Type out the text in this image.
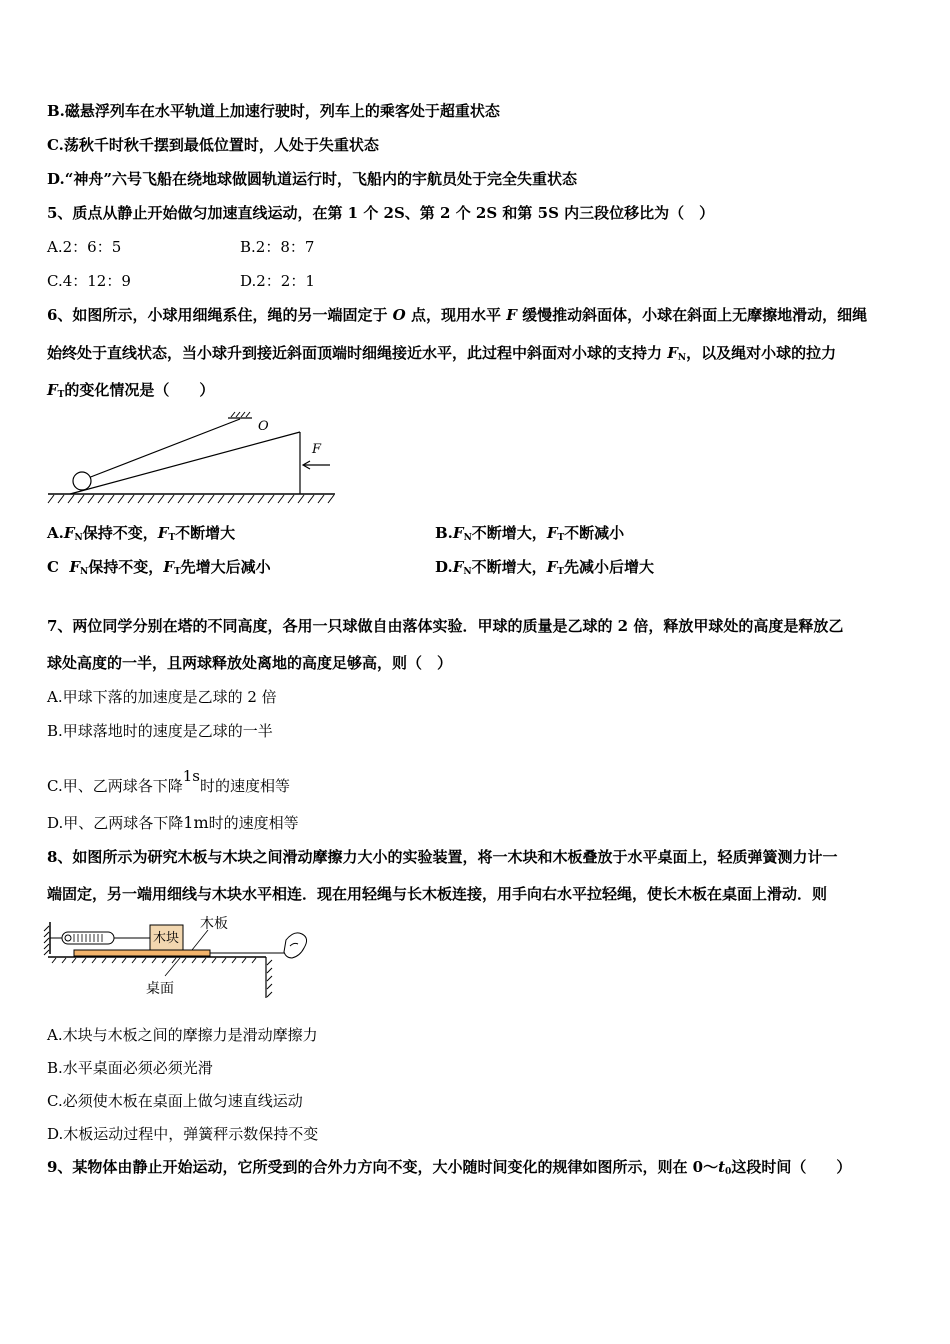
B.磁悬浮列车在水平轨道上加速行驶时，列车上的乘客处于超重状态
C.荡秋千时秋千摆到最低位置时，人处于失重状态
D.“神舟”六号飞船在绕地球做圆轨道运行时，飞船内的宇航员处于完全失重状态
5、质点从静止开始做匀加速直线运动，在第 1 个 2S、第 2 个 2S 和第 5S 内三段位移比为（　）
A.2：6：5	B.2：8：7
C.4：12：9	D.2：2：1
6、如图所示，小球用细绳系住，绳的另一端固定于 O 点，现用水平 F 缓慢推动斜面体，小球在斜面上无摩擦地滑动，细绳
始终处于直线状态，当小球升到接近斜面顶端时细绳接近水平，此过程中斜面对小球的支持力 $F_N$，以及绳对小球的拉力
$F_T$的变化情况是（　　）
O
F
$A.F_N$保持不变，$F_T$不断增大	$B.F_N$不断增大，$F_T$不断减小
C  $F_N$保持不变，$F_T$先增大后减小	$D.F_N$不断增大，$F_T$先减小后增大
7、两位同学分别在塔的不同高度，各用一只球做自由落体实验．甲球的质量是乙球的 2 倍，释放甲球处的高度是释放乙
球处高度的一半，且两球释放处离地的高度足够高，则（　）
A.甲球下落的加速度是乙球的 2 倍
B.甲球落地时的速度是乙球的一半
C.甲、乙两球各下降$^{1s}$时的速度相等
D.甲、乙两球各下降1m时的速度相等
8、如图所示为研究木板与木块之间滑动摩擦力大小的实验装置，将一木块和木板叠放于水平桌面上，轻质弹簧测力计一
端固定，另一端用细线与木块水平相连．现在用轻绳与长木板连接，用手向右水平拉轻绳，使长木板在桌面上滑动．则
木块
木板
桌面
A.木块与木板之间的摩擦力是滑动摩擦力
B.水平桌面必须必须光滑
C.必须使木板在桌面上做匀速直线运动
D.木板运动过程中，弹簧秤示数保持不变
9、某物体由静止开始运动，它所受到的合外力方向不变，大小随时间变化的规律如图所示，则在 $0\sim t_0$这段时间（　　）
